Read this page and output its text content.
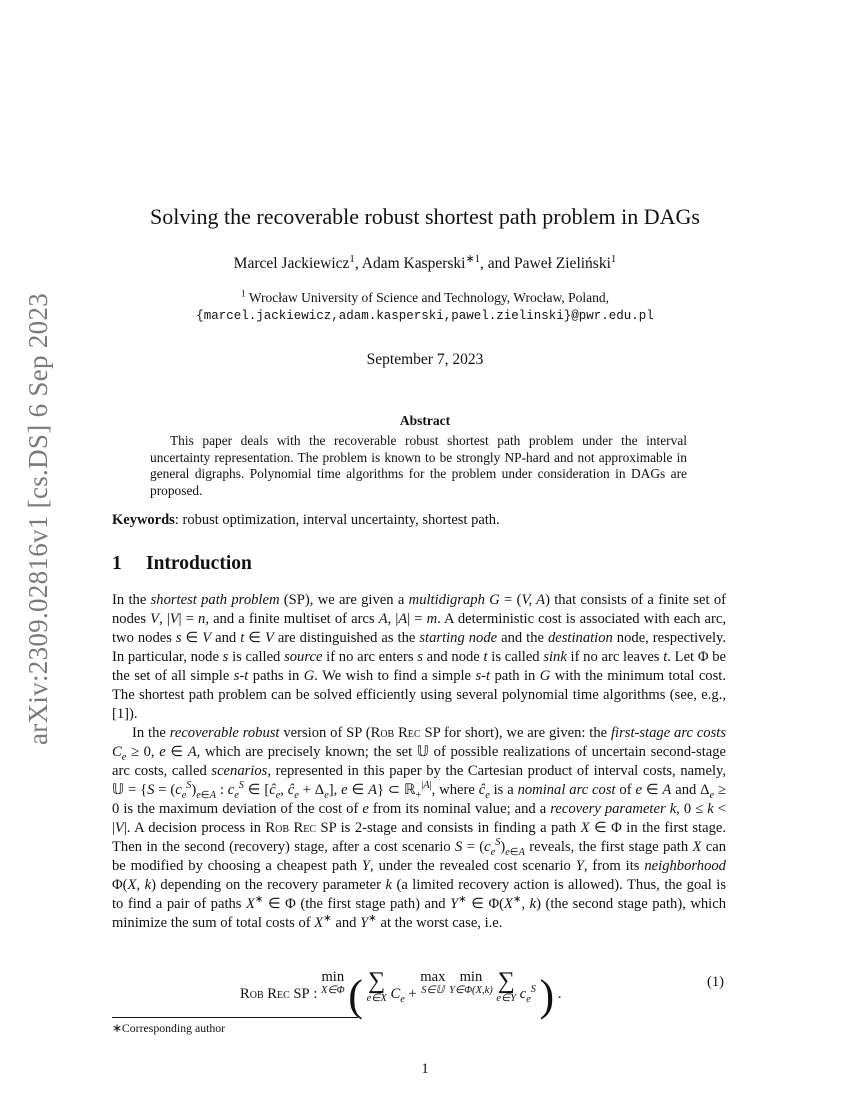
arXiv:2309.02816v1 [cs.DS] 6 Sep 2023
Solving the recoverable robust shortest path problem in DAGs
Marcel Jackiewicz$^1$, Adam Kasperski$^{∗1}$, and Paweł Zieliński$^1$
$^1$ Wrocław University of Science and Technology, Wrocław, Poland,
{marcel.jackiewicz,adam.kasperski,pawel.zielinski}@pwr.edu.pl
September 7, 2023
Abstract
This paper deals with the recoverable robust shortest path problem under the interval uncertainty representation. The problem is known to be strongly NP-hard and not approximable in general digraphs. Polynomial time algorithms for the problem under consideration in DAGs are proposed.
Keywords: robust optimization, interval uncertainty, shortest path.
1 Introduction
In the shortest path problem (SP), we are given a multidigraph G = (V, A) that consists of a finite set of nodes V, |V| = n, and a finite multiset of arcs A, |A| = m. A deterministic cost is associated with each arc, two nodes s ∈ V and t ∈ V are distinguished as the starting node and the destination node, respectively. In particular, node s is called source if no arc enters s and node t is called sink if no arc leaves t. Let Φ be the set of all simple s-t paths in G. We wish to find a simple s-t path in G with the minimum total cost. The shortest path problem can be solved efficiently using several polynomial time algorithms (see, e.g., [1]).
In the recoverable robust version of SP (Rob Rec SP for short), we are given: the first-stage arc costs $C_e \ge 0$, e ∈ A, which are precisely known; the set 𝕌 of possible realizations of uncertain second-stage arc costs, called scenarios, represented in this paper by the Cartesian product of interval costs, namely, 𝕌 = {$S = (c_e^S)_{e\in A}$ : $c_e^S$ ∈ [$ĉ_e$, $ĉ_e + \Delta_e$], e ∈ A} ⊂ ℝ$_+^{|A|}$, where $ĉ_e$ is a nominal arc cost of e ∈ A and $\Delta_e \ge 0$ is the maximum deviation of the cost of e from its nominal value; and a recovery parameter k, 0 ≤ k < |V|. A decision process in Rob Rec SP is 2-stage and consists in finding a path X ∈ Φ in the first stage. Then in the second (recovery) stage, after a cost scenario $S = (c_e^S)_{e\in A}$ reveals, the first stage path X can be modified by choosing a cheapest path Y, under the revealed cost scenario Y, from its neighborhood Φ(X, k) depending on the recovery parameter k (a limited recovery action is allowed). Thus, the goal is to find a pair of paths X∗ ∈ Φ (the first stage path) and Y∗ ∈ Φ(X∗, k) (the second stage path), which minimize the sum of total costs of X∗ and Y∗ at the worst case, i.e.
Rob Rec SP : min
X∈Φ ( ∑
e∈X $C_e + \max$
S∈𝕌
min
Y∈Φ(X,k) ∑
e∈Y $c_e^S$ ) .
(1)
∗Corresponding author
1
